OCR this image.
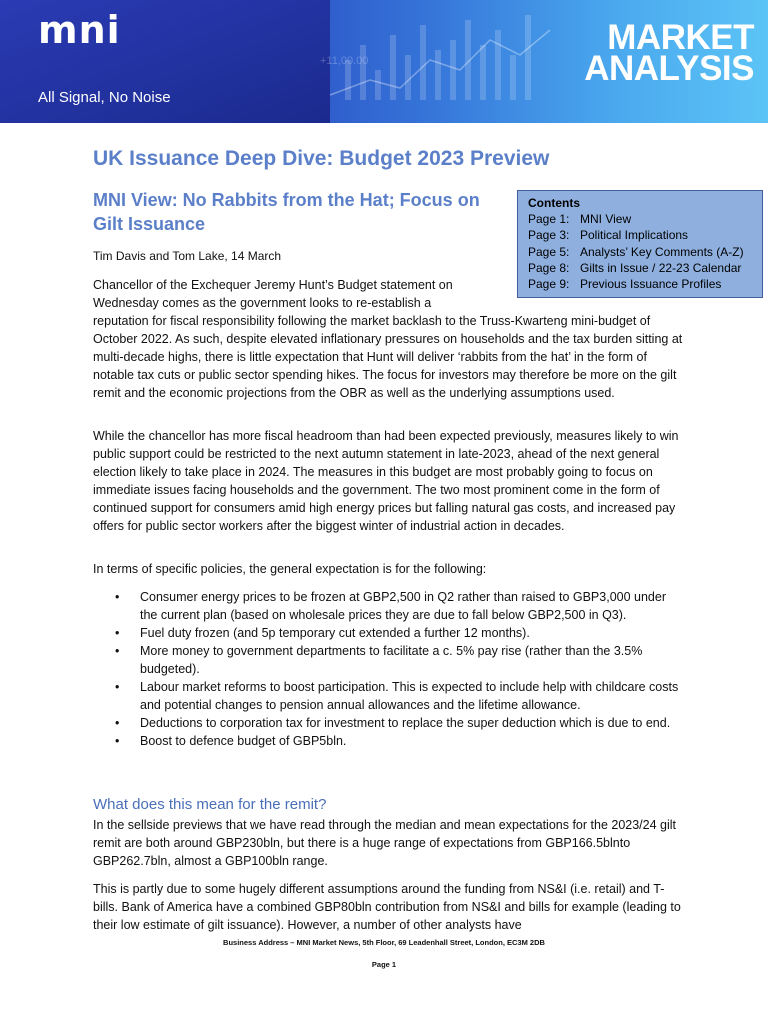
mni
All Signal, No Noise
+11,00.00
MARKET
ANALYSIS
UK Issuance Deep Dive: Budget 2023 Preview
MNI View: No Rabbits from the Hat; Focus on Gilt Issuance
Contents
Page 1: MNI View
Page 3: Political Implications
Page 5: Analysts’ Key Comments (A-Z)
Page 8: Gilts in Issue / 22-23 Calendar
Page 9: Previous Issuance Profiles
Tim Davis and Tom Lake, 14 March
Chancellor of the Exchequer Jeremy Hunt’s Budget statement on Wednesday comes as the government looks to re-establish a
reputation for fiscal responsibility following the market backlash to the Truss-Kwarteng mini-budget of October 2022. As such, despite elevated inflationary pressures on households and the tax burden sitting at multi-decade highs, there is little expectation that Hunt will deliver ‘rabbits from the hat’ in the form of notable tax cuts or public sector spending hikes. The focus for investors may therefore be more on the gilt remit and the economic projections from the OBR as well as the underlying assumptions used.
While the chancellor has more fiscal headroom than had been expected previously, measures likely to win public support could be restricted to the next autumn statement in late-2023, ahead of the next general election likely to take place in 2024. The measures in this budget are most probably going to focus on immediate issues facing households and the government. The two most prominent come in the form of continued support for consumers amid high energy prices but falling natural gas costs, and increased pay offers for public sector workers after the biggest winter of industrial action in decades.
In terms of specific policies, the general expectation is for the following:
• Consumer energy prices to be frozen at GBP2,500 in Q2 rather than raised to GBP3,000 under the current plan (based on wholesale prices they are due to fall below GBP2,500 in Q3).
• Fuel duty frozen (and 5p temporary cut extended a further 12 months).
• More money to government departments to facilitate a c. 5% pay rise (rather than the 3.5% budgeted).
• Labour market reforms to boost participation. This is expected to include help with childcare costs and potential changes to pension annual allowances and the lifetime allowance.
• Deductions to corporation tax for investment to replace the super deduction which is due to end.
• Boost to defence budget of GBP5bln.
What does this mean for the remit?
In the sellside previews that we have read through the median and mean expectations for the 2023/24 gilt remit are both around GBP230bln, but there is a huge range of expectations from GBP166.5blnto GBP262.7bln, almost a GBP100bln range.
This is partly due to some hugely different assumptions around the funding from NS&I (i.e. retail) and T-bills. Bank of America have a combined GBP80bln contribution from NS&I and bills for example (leading to their low estimate of gilt issuance). However, a number of other analysts have
Business Address – MNI Market News, 5th Floor, 69 Leadenhall Street, London, EC3M 2DB
Page 1
